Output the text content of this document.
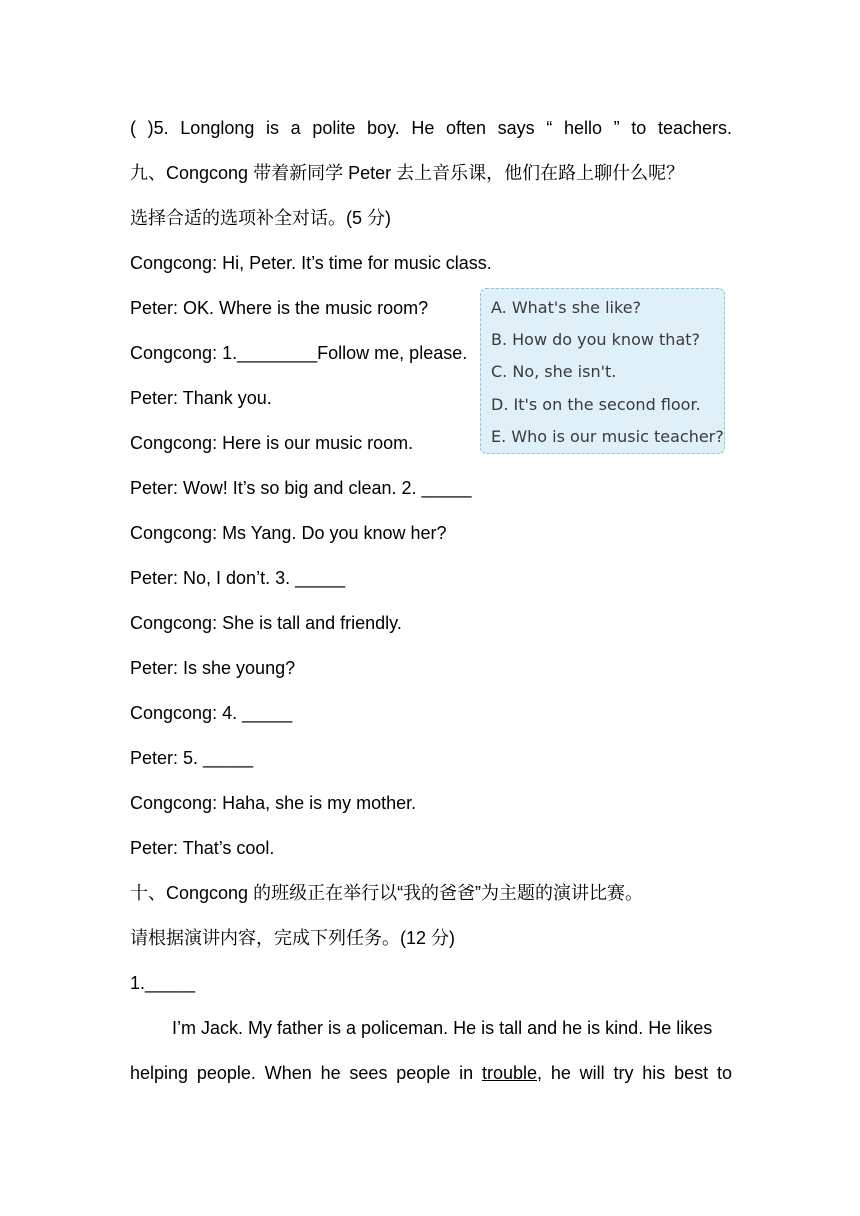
( )5. Longlong is a polite boy. He often says “ hello ” to teachers.
九、Congcong 带着新同学 Peter 去上音乐课，他们在路上聊什么呢？
选择合适的选项补全对话。(5 分)
Congcong: Hi, Peter. It’s time for music class.
Peter: OK. Where is the music room?
Congcong: 1.________Follow me, please.
Peter: Thank you.
Congcong: Here is our music room.
Peter: Wow! It’s so big and clean. 2. _____
Congcong: Ms Yang. Do you know her?
Peter: No, I don’t. 3. _____
Congcong: She is tall and friendly.
Peter: Is she young?
Congcong: 4. _____
Peter: 5. _____
Congcong: Haha, she is my mother.
Peter: That’s cool.
A. What's she like?
B. How do you know that?
C. No, she isn't.
D. It's on the second floor.
E. Who is our music teacher?
十、Congcong 的班级正在举行以“我的爸爸”为主题的演讲比赛。
请根据演讲内容，完成下列任务。(12 分)
1._____
I’m Jack. My father is a policeman. He is tall and he is kind. He likes
helping people. When he sees people in trouble, he will try his best to
